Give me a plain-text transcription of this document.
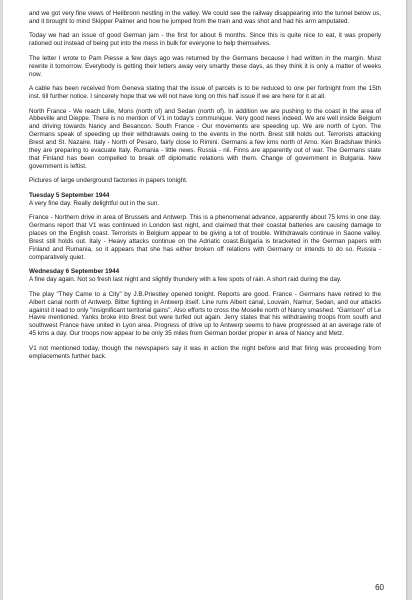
and we got very fine views of Heilbronn nestling in the valley. We could see the railway disappearing into the tunnel below us, and it brought to mind Skipper Palmer and how he jumped from the train and was shot and had his arm amputated.

Today we had an issue of good German jam - the first for about 6 months. Since this is quite nice to eat, it was properly rationed out instead of being put into the mess in bulk for everyone to help themselves.

The letter I wrote to Pam Piesse a few days ago was returned by the Germans because I had written in the margin. Must rewrite it tomorrow. Everybody is getting their letters away very smartly these days, as they think it is only a matter of weeks now.

A cable has been received from Geneva stating that the issue of parcels is to be reduced to one per fortnight from the 15th inst. till further notice. I sincerely hope that we will not have long on this half issue if we are here for it at all.

North France - We reach Lille, Mons (north of) and Sedan (north of). In addition we are pushing to the coast in the area of Abbeville and Dieppe. There is no mention of V1 in today's communique. Very good news indeed. We are well inside Belgium and driving towards Nancy and Besancon. South France - Our movements are speeding up. We are north of Lyon. The Germans speak of speeding up their withdrawals owing to the events in the north. Brest still holds out. Terrorists attacking Brest and St. Nazaire. Italy - North of Pesaro, fairly close to Rimini. Germans a few kms north of Arno. Ken Bradshaw thinks they are preparing to evacuate Italy. Rumania - little news. Russia - nil. Finns are apparently out of war. The Germans state that Finland has been compelled to break off diplomatic relations with them. Change of government in Bulgaria. New government is leftist.

Pictures of large underground factories in papers tonight.

Tuesday 5 September 1944

A very fine day. Really delightful out in the sun.

France - Northern drive in area of Brussels and Antwerp. This is a phenomenal advance, apparently about 75 kms in one day. Germans report that V1 was continued in London last night, and claimed that their coastal batteries are causing damage to places on the English coast. Terrorists in Belgium appear to be giving a lot of trouble. Withdrawals continue in Saone valley. Brest still holds out. Italy - Heavy attacks continue on the Adriatic coast.Bulgaria is bracketed in the German papers with Finland and Rumania, so it appears that she has either broken off relations with Germany or intends to do so. Russia - comparatively quiet.

Wednesday 6 September 1944

A fine day again. Not so fresh last night and slightly thundery with a few spots of rain. A short raid during the day.

The play "They Came to a City" by J.B.Priestley opened tonight. Reports are good. France - Germans have retired to the Albert canal north of Antwerp. Bitter fighting in Antwerp itself. Line runs Albert canal, Louvain, Namur, Sedan, and our attacks against it lead to only "insignificant territorial gains". Also efforts to cross the Moselle north of Nancy smashed. "Garrison" of Le Havre mentioned. Yanks broke into Brest but were turfed out again. Jerry states that his withdrawing troops from south and southwest France have united in Lyon area. Progress of drive up to Antwerp seems to have progressed at an average rate of 45 kms a day. Our troops now appear to be only 35 miles from German border proper in area of Nancy and Metz.

V1 not mentioned today, though the newspapers say it was in action the night before and that firing was proceeding from emplacements further back.

60
